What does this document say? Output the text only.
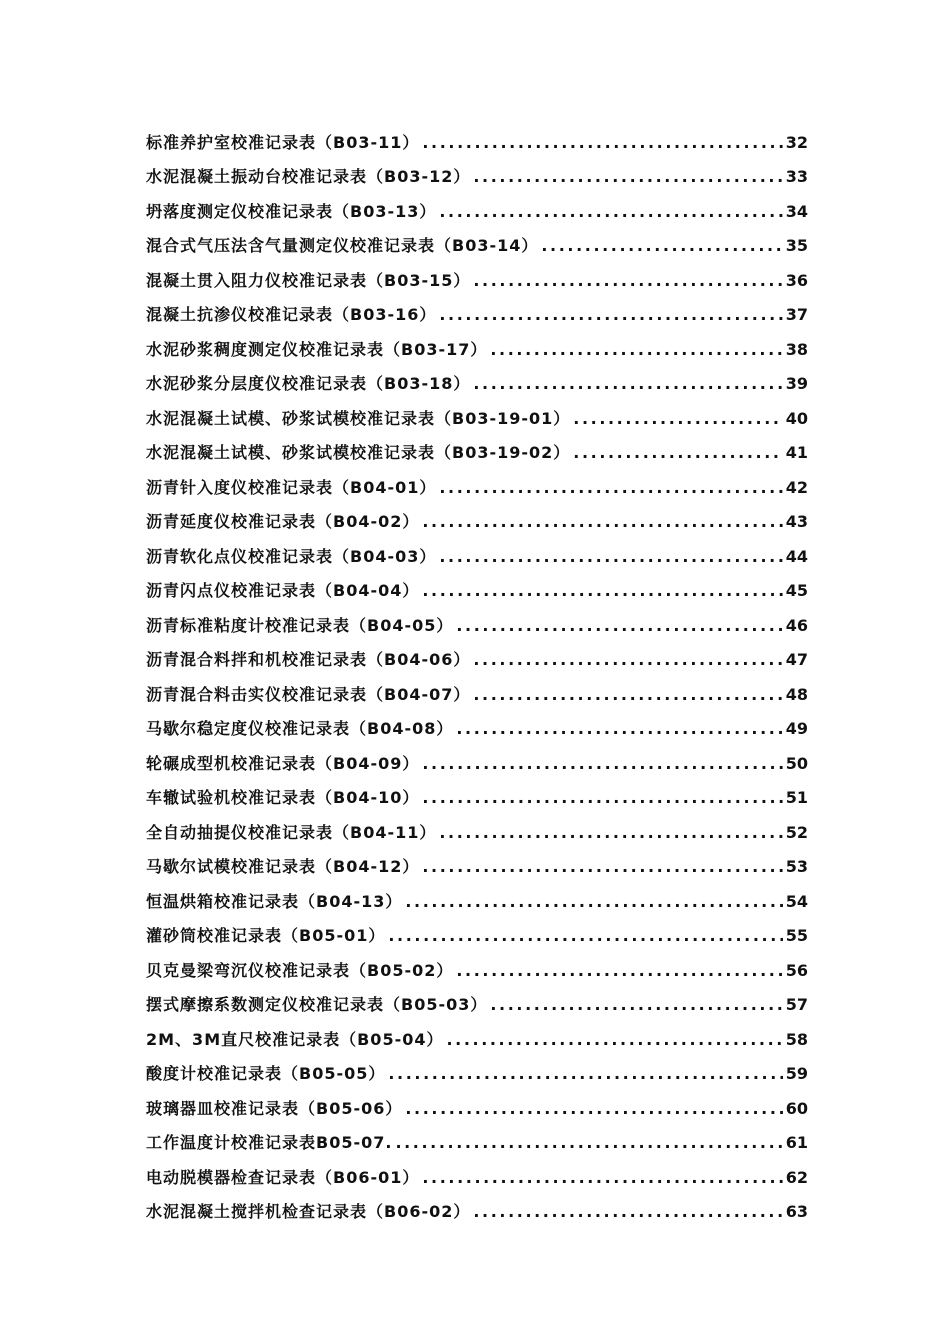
标准养护室校准记录表（B03-11） .....	32
水泥混凝土振动台校准记录表（B03-12） .....	33
坍落度测定仪校准记录表（B03-13） .....	34
混合式气压法含气量测定仪校准记录表（B03-14） .....	35
混凝土贯入阻力仪校准记录表（B03-15） .....	36
混凝土抗渗仪校准记录表（B03-16） .....	37
水泥砂浆稠度测定仪校准记录表（B03-17） .....	38
水泥砂浆分层度仪校准记录表（B03-18） .....	39
水泥混凝土试模、砂浆试模校准记录表（B03-19-01） .....	40
水泥混凝土试模、砂浆试模校准记录表（B03-19-02） .....	41
沥青针入度仪校准记录表（B04-01） .....	42
沥青延度仪校准记录表（B04-02） .....	43
沥青软化点仪校准记录表（B04-03） .....	44
沥青闪点仪校准记录表（B04-04） .....	45
沥青标准粘度计校准记录表（B04-05） .....	46
沥青混合料拌和机校准记录表（B04-06） .....	47
沥青混合料击实仪校准记录表（B04-07） .....	48
马歇尔稳定度仪校准记录表（B04-08） .....	49
轮碾成型机校准记录表（B04-09） .....	50
车辙试验机校准记录表（B04-10） .....	51
全自动抽提仪校准记录表（B04-11） .....	52
马歇尔试模校准记录表（B04-12） .....	53
恒温烘箱校准记录表（B04-13） .....	54
灌砂筒校准记录表（B05-01） .....	55
贝克曼梁弯沉仪校准记录表（B05-02） .....	56
摆式摩擦系数测定仪校准记录表（B05-03） .....	57
2M、3M直尺校准记录表（B05-04） .....	58
酸度计校准记录表（B05-05） .....	59
玻璃器皿校准记录表（B05-06） .....	60
工作温度计校准记录表B05-07. .....	61
电动脱模器检查记录表（B06-01） .....	62
水泥混凝土搅拌机检查记录表（B06-02） .....	63
